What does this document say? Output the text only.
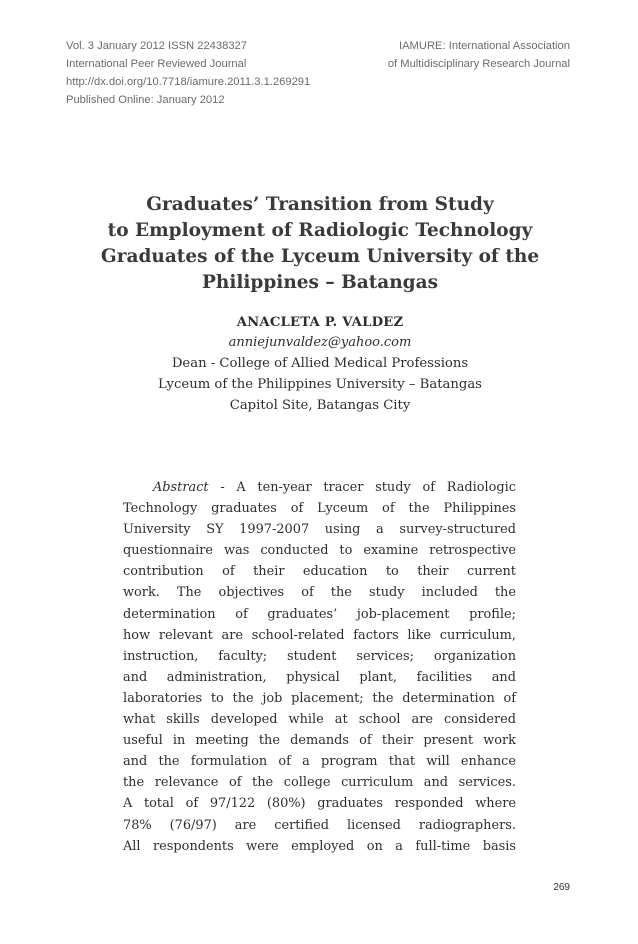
Vol. 3 January 2012 ISSN 22438327
International Peer Reviewed Journal
http://dx.doi.org/10.7718/iamure.2011.3.1.269291
Published Online: January 2012
IAMURE: International Association
of Multidisciplinary Research Journal
Graduates’ Transition from Study
to Employment of Radiologic Technology
Graduates of the Lyceum University of the
Philippines – Batangas
ANACLETA P. VALDEZ
anniejunvaldez@yahoo.com
Dean - College of Allied Medical Professions
Lyceum of the Philippines University – Batangas
Capitol Site, Batangas City
Abstract - A ten-year tracer study of Radiologic
Technology graduates of Lyceum of the Philippines
University SY 1997-2007 using a survey-structured
questionnaire was conducted to examine retrospective
contribution of their education to their current
work. The objectives of the study included the
determination of graduates’ job-placement profile;
how relevant are school-related factors like curriculum,
instruction, faculty; student services; organization
and administration, physical plant, facilities and
laboratories to the job placement; the determination of
what skills developed while at school are considered
useful in meeting the demands of their present work
and the formulation of a program that will enhance
the relevance of the college curriculum and services.
A total of 97/122 (80%) graduates responded where
78% (76/97) are certified licensed radiographers.
All respondents were employed on a full-time basis
269
